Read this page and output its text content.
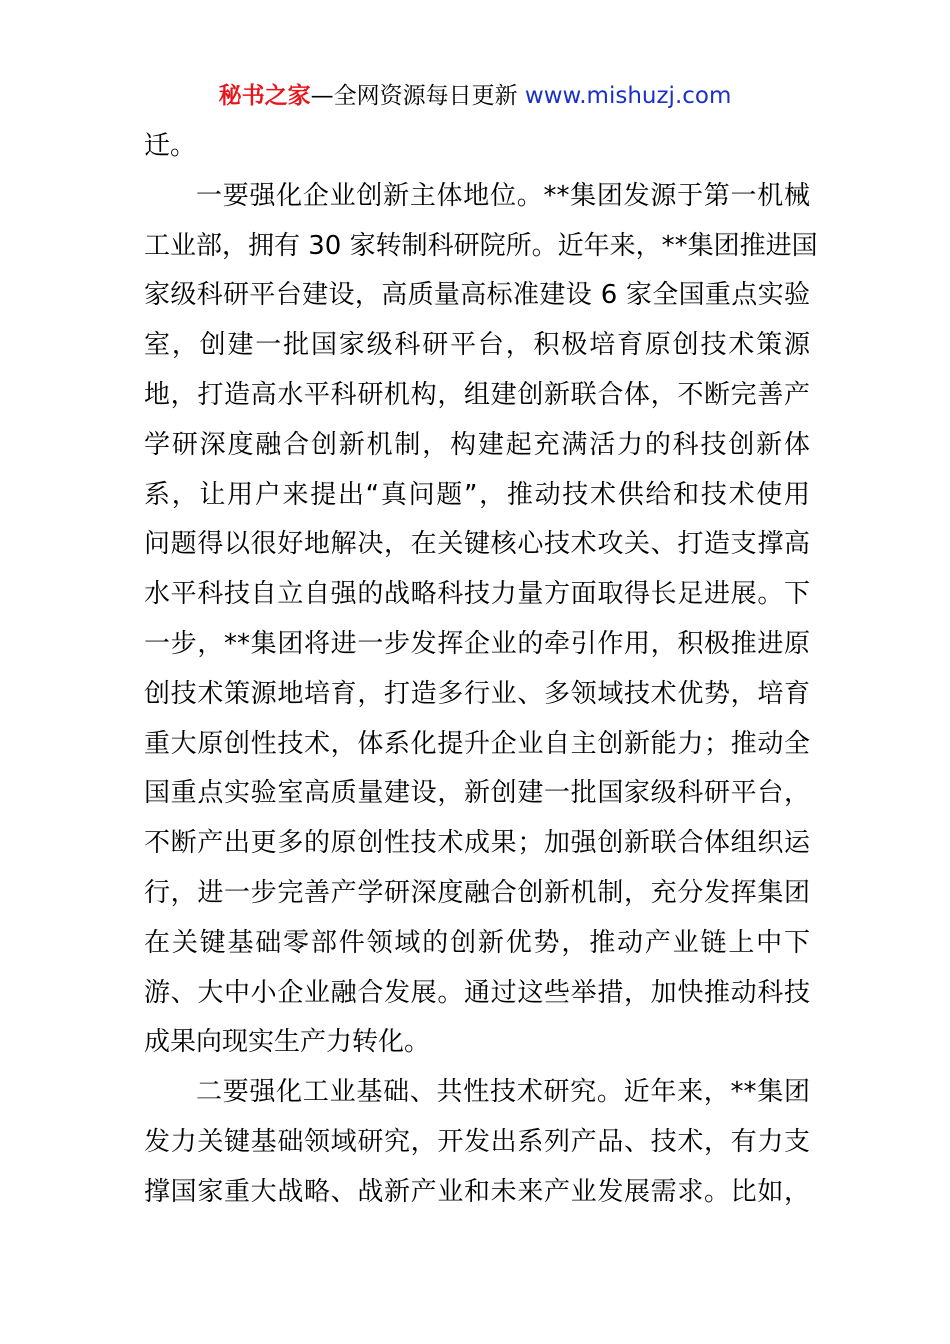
秘书之家—全网资源每日更新 www.mishuzj.com
迁。
一要强化企业创新主体地位。**集团发源于第一机械
工业部，拥有 30 家转制科研院所。近年来，**集团推进国
家级科研平台建设，高质量高标准建设 6 家全国重点实验
室，创建一批国家级科研平台，积极培育原创技术策源
地，打造高水平科研机构，组建创新联合体，不断完善产
学研深度融合创新机制，构建起充满活力的科技创新体
系，让用户来提出“真问题”，推动技术供给和技术使用
问题得以很好地解决，在关键核心技术攻关、打造支撑高
水平科技自立自强的战略科技力量方面取得长足进展。下
一步，**集团将进一步发挥企业的牵引作用，积极推进原
创技术策源地培育，打造多行业、多领域技术优势，培育
重大原创性技术，体系化提升企业自主创新能力；推动全
国重点实验室高质量建设，新创建一批国家级科研平台，
不断产出更多的原创性技术成果；加强创新联合体组织运
行，进一步完善产学研深度融合创新机制，充分发挥集团
在关键基础零部件领域的创新优势，推动产业链上中下
游、大中小企业融合发展。通过这些举措，加快推动科技
成果向现实生产力转化。
二要强化工业基础、共性技术研究。近年来，**集团
发力关键基础领域研究，开发出系列产品、技术，有力支
撑国家重大战略、战新产业和未来产业发展需求。比如，
